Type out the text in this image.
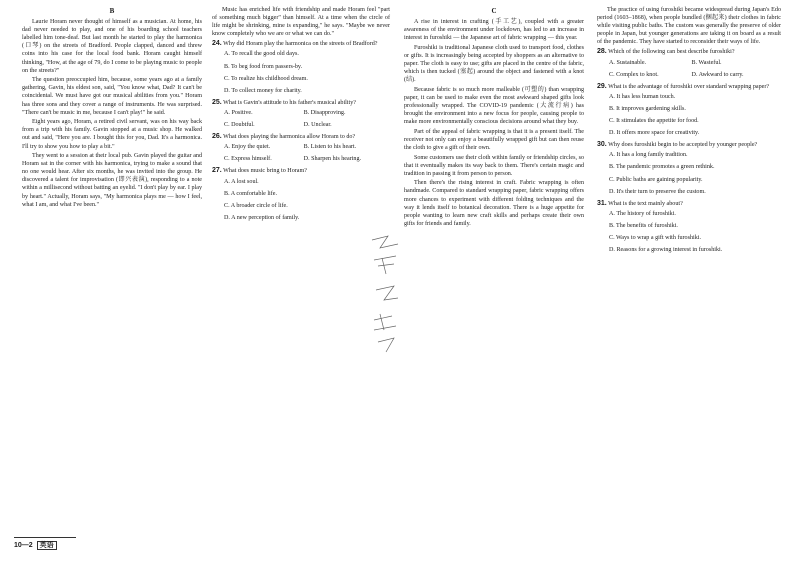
B

Laurie Horam never thought of himself as a musician. At home, his dad never needed to play, and one of his boarding school teachers labelled him tone-deaf. But last month he started to play the harmonica (口琴) on the streets of Bradford. People clapped, danced and threw coins into his case for the local food bank. Horam caught himself thinking, "How, at the age of 79, do I come to be playing music to people on the streets?"

The question preoccupied him, because, some years ago at a family gathering, Gavin, his eldest son, said, "You know what, Dad? It can't be coincidental. We must have got our musical abilities from you." Horam has three sons and they cover a range of instruments. He was surprised. "There can't be music in me, because I can't play!" he said.

Eight years ago, Horam, a retired civil servant, was on his way back from a trip with his family. Gavin stopped at a music shop. He walked out and said, "Here you are. I bought this for you, Dad. It's a harmonica. I'll try to show you how to play a bit."

They went to a session at their local pub. Gavin played the guitar and Horam sat in the corner with his harmonica, trying to make a sound that no one would hear. After six months, he was invited into the group. He discovered a talent for improvisation (即兴表演), responding to a note within a millisecond without batting an eyelid. "I don't play by ear. I play by heart." Actually, Horam says, "My harmonica plays me — how I feel, what I am, and what I've been."

Music has enriched life with friendship and made Horam feel "part of something much bigger" than himself. At a time when the circle of life might be shrinking, mine is expanding," he says. "Maybe we never know completely who we are or what we can do."

24. Why did Horam play the harmonica on the streets of Bradford?
A. To recall the good old days.
B. To beg food from passers-by.
C. To realize his childhood dream.
D. To collect money for charity.
25. What is Gavin's attitude to his father's musical ability?
A. Positive.	B. Disapproving.
C. Doubtful.	D. Unclear.
26. What does playing the harmonica allow Horam to do?
A. Enjoy the quiet.	B. Listen to his heart.
C. Express himself.	D. Sharpen his hearing.
27. What does music bring to Horam?
A. A lost soul.
B. A comfortable life.
C. A broader circle of life.
D. A new perception of family.
C

A rise in interest in crafting (手工艺), coupled with a greater awareness of the environment under lockdown, has led to an increase in interest in furoshiki — the Japanese art of fabric wrapping — this year.

Furoshiki is traditional Japanese cloth used to transport food, clothes or gifts. It is increasingly being accepted by shoppers as an alternative to paper. The cloth is easy to use; gifts are placed in the centre of the fabric, which is then tucked (塞起) around the object and fastened with a knot (结).

Because fabric is so much more malleable (可塑的) than wrapping paper, it can be used to make even the most awkward shaped gifts look professionally wrapped. The COVID-19 pandemic (大流行病) has brought the environment into a new focus for people, causing people to make more environmentally conscious decisions around what they buy.

Part of the appeal of fabric wrapping is that it is a present itself. The receiver not only can enjoy a beautifully wrapped gift but can then reuse the cloth to give a gift of their own.

Some customers use their cloth within family or friendship circles, so that it eventually makes its way back to them. There's certain magic and tradition in passing it from person to person.

Then there's the rising interest in craft. Fabric wrapping is often handmade. Compared to standard wrapping paper, fabric wrapping offers more chances to experiment with different folding techniques and the way it lends itself to botanical decoration. There is a huge appetite for people wanting to learn new craft skills and perhaps create their own gifts for friends and family.

The practice of using furoshiki became widespread during Japan's Edo period (1603–1868), when people bundled (捆起来) their clothes in fabric while visiting public baths. The custom was generally the preserve of older people in Japan, but younger generations are taking it on board as a result of the pandemic. They have started to reconsider their ways of life.

28. Which of the following can best describe furoshiki?
A. Sustainable.	B. Wasteful.
C. Complex to knot.	D. Awkward to carry.
29. What is the advantage of furoshiki over standard wrapping paper?
A. It has less human touch.
B. It improves gardening skills.
C. It stimulates the appetite for food.
D. It offers more space for creativity.
30. Why does furoshiki begin to be accepted by younger people?
A. It has a long family tradition.
B. The pandemic promotes a green rethink.
C. Public baths are gaining popularity.
D. It's their turn to preserve the custom.
31. What is the text mainly about?
A. The history of furoshiki.
B. The benefits of furoshiki.
C. Ways to wrap a gift with furoshiki.
D. Reasons for a growing interest in furoshiki.
10—2 英语
